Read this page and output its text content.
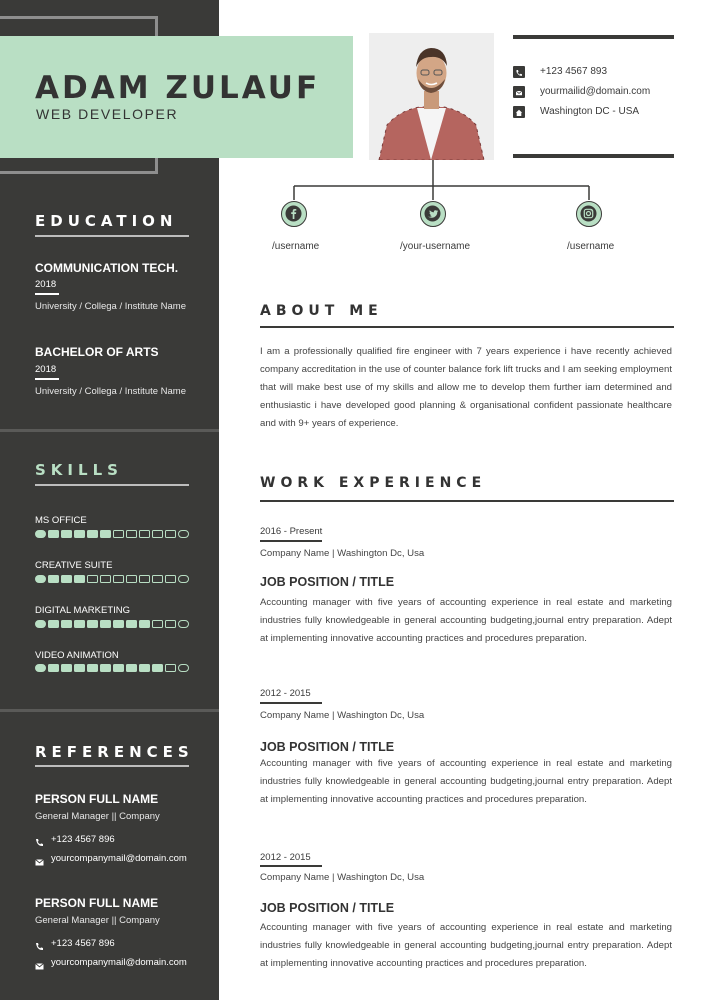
ADAM ZULAUF
WEB DEVELOPER
+123 4567 893
yourmailid@domain.com
Washington DC - USA
/username	/your-username	/username
EDUCATION
COMMUNICATION TECH.
2018
University / Collega / Institute Name
BACHELOR OF ARTS
2018
University / Collega / Institute Name
SKILLS
MS OFFICE
CREATIVE SUITE
DIGITAL MARKETING
VIDEO ANIMATION
REFERENCES
PERSON FULL NAME
General Manager || Company
+123 4567 896
yourcompanymail@domain.com
PERSON FULL NAME
General Manager || Company
+123 4567 896
yourcompanymail@domain.com
ABOUT ME
I am a professionally qualified fire engineer with 7 years experience i have recently achieved company accreditation in the use of counter balance fork lift trucks and I am seeking employment that will make best use of my skills and allow me to develop them further iam determined and enthusiastic i have developed good planning & organisational confident passionate healthcare and with 9+ years of experience.
WORK EXPERIENCE
2016 - Present
Company Name | Washington Dc, Usa
JOB POSITION / TITLE
Accounting manager with five years of accounting experience in real estate and marketing industries fully knowledgeable in general accounting budgeting,journal entry preparation. Adept at implementing innovative accounting practices and procedures preparation.
2012 - 2015
Company Name | Washington Dc, Usa
JOB POSITION / TITLE
Accounting manager with five years of accounting experience in real estate and marketing industries fully knowledgeable in general accounting budgeting,journal entry preparation. Adept at implementing innovative accounting practices and procedures preparation.
2012 - 2015
Company Name | Washington Dc, Usa
JOB POSITION / TITLE
Accounting manager with five years of accounting experience in real estate and marketing industries fully knowledgeable in general accounting budgeting,journal entry preparation. Adept at implementing innovative accounting practices and procedures preparation.
